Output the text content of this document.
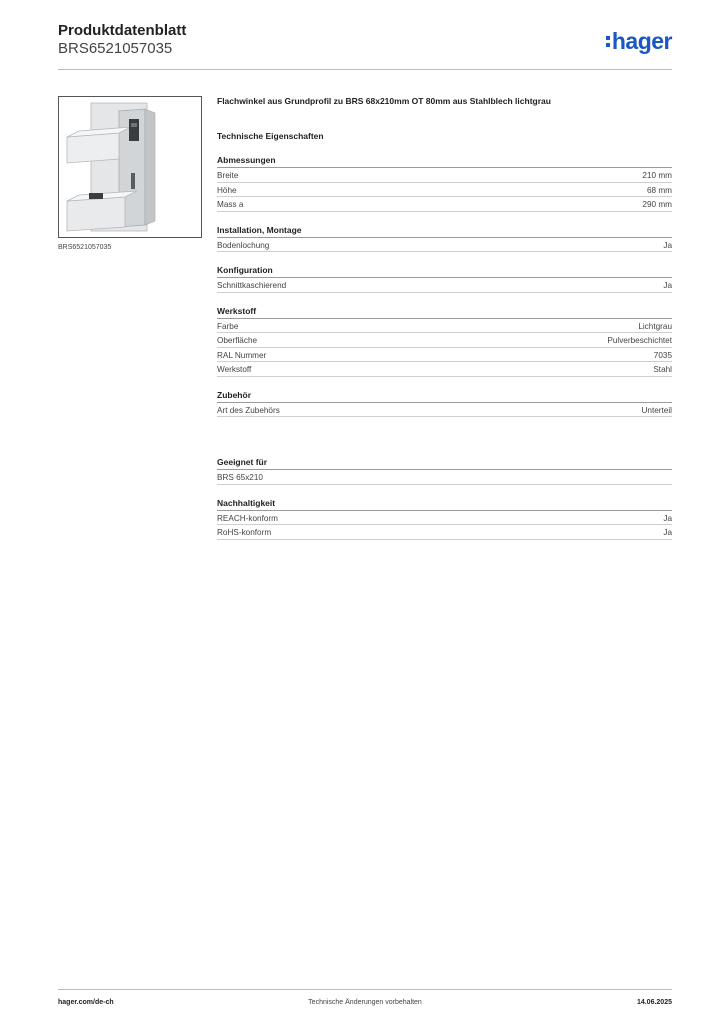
Produktdatenblatt
BRS6521057035	hager
BRS6521057035
Flachwinkel aus Grundprofil zu BRS 68x210mm OT 80mm aus Stahlblech lichtgrau
Technische Eigenschaften
Abmessungen
Breite	210 mm
Höhe	68 mm
Mass a	290 mm
Installation, Montage
Bodenlochung	Ja
Konfiguration
Schnittkaschierend	Ja
Werkstoff
Farbe	Lichtgrau
Oberfläche	Pulverbeschichtet
RAL Nummer	7035
Werkstoff	Stahl
Zubehör
Art des Zubehörs	Unterteil
Geeignet für
BRS 65x210
Nachhaltigkeit
REACH-konform	Ja
RoHS-konform	Ja
hager.com/de-ch	Technische Änderungen vorbehalten	14.06.2025
